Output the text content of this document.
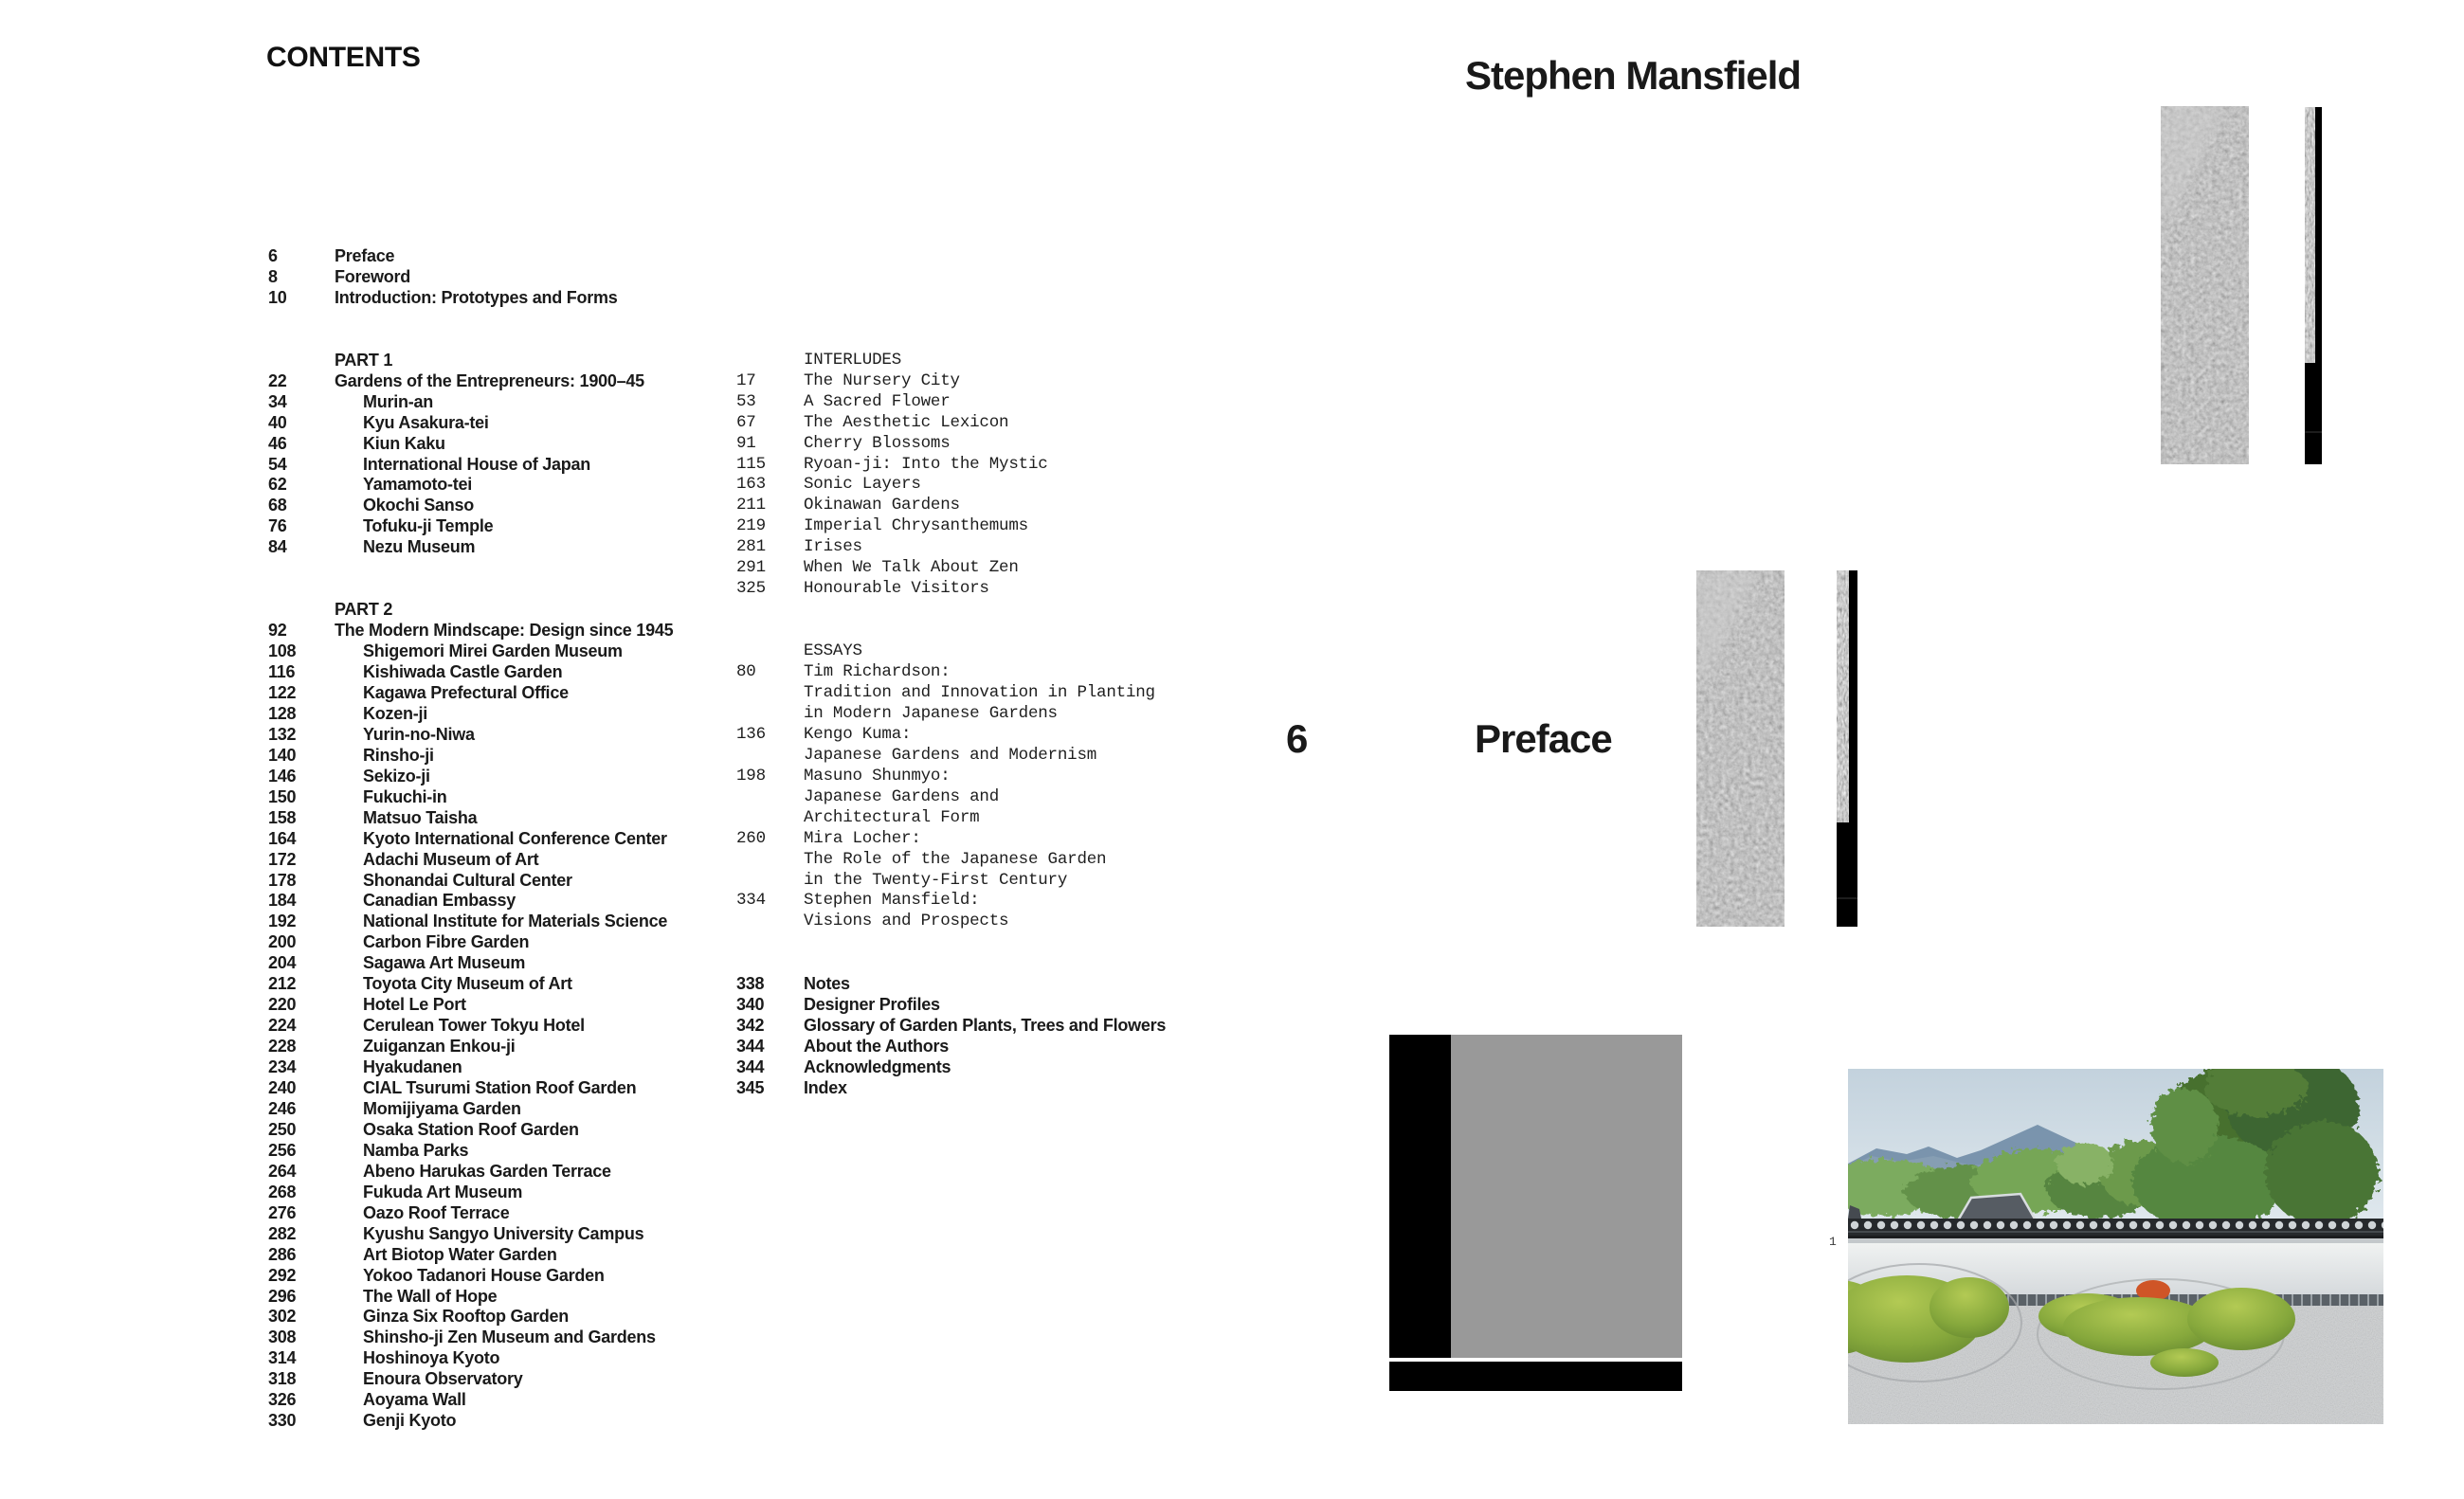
CONTENTS
6	Preface
8	Foreword
10	Introduction: Prototypes and Forms
PART 1
22	Gardens of the Entrepreneurs: 1900–45
34	Murin-an
40	Kyu Asakura-tei
46	Kiun Kaku
54	International House of Japan
62	Yamamoto-tei
68	Okochi Sanso
76	Tofuku-ji Temple
84	Nezu Museum
PART 2
92	The Modern Mindscape: Design since 1945
108	Shigemori Mirei Garden Museum
116	Kishiwada Castle Garden
122	Kagawa Prefectural Office
128	Kozen-ji
132	Yurin-no-Niwa
140	Rinsho-ji
146	Sekizo-ji
150	Fukuchi-in
158	Matsuo Taisha
164	Kyoto International Conference Center
172	Adachi Museum of Art
178	Shonandai Cultural Center
184	Canadian Embassy
192	National Institute for Materials Science
200	Carbon Fibre Garden
204	Sagawa Art Museum
212	Toyota City Museum of Art
220	Hotel Le Port
224	Cerulean Tower Tokyu Hotel
228	Zuiganzan Enkou-ji
234	Hyakudanen
240	CIAL Tsurumi Station Roof Garden
246	Momijiyama Garden
250	Osaka Station Roof Garden
256	Namba Parks
264	Abeno Harukas Garden Terrace
268	Fukuda Art Museum
276	Oazo Roof Terrace
282	Kyushu Sangyo University Campus
286	Art Biotop Water Garden
292	Yokoo Tadanori House Garden
296	The Wall of Hope
302	Ginza Six Rooftop Garden
308	Shinsho-ji Zen Museum and Gardens
314	Hoshinoya Kyoto
318	Enoura Observatory
326	Aoyama Wall
330	Genji Kyoto
INTERLUDES
17	The Nursery City
53	A Sacred Flower
67	The Aesthetic Lexicon
91	Cherry Blossoms
115 Ryoan-ji: Into the Mystic
163 Sonic Layers
211 Okinawan Gardens
219 Imperial Chrysanthemums
281 Irises
291 When We Talk About Zen
325 Honourable Visitors
ESSAYS
80	Tim Richardson:
Tradition and Innovation in Planting
in Modern Japanese Gardens
136 Kengo Kuma:
Japanese Gardens and Modernism
198 Masuno Shunmyo:
Japanese Gardens and
Architectural Form
260 Mira Locher:
The Role of the Japanese Garden
in the Twenty-First Century
334 Stephen Mansfield:
Visions and Prospects
338 Notes
340 Designer Profiles
342 Glossary of Garden Plants, Trees and Flowers
344 About the Authors
344 Acknowledgments
345 Index
Stephen Mansfield
6	Preface
1
